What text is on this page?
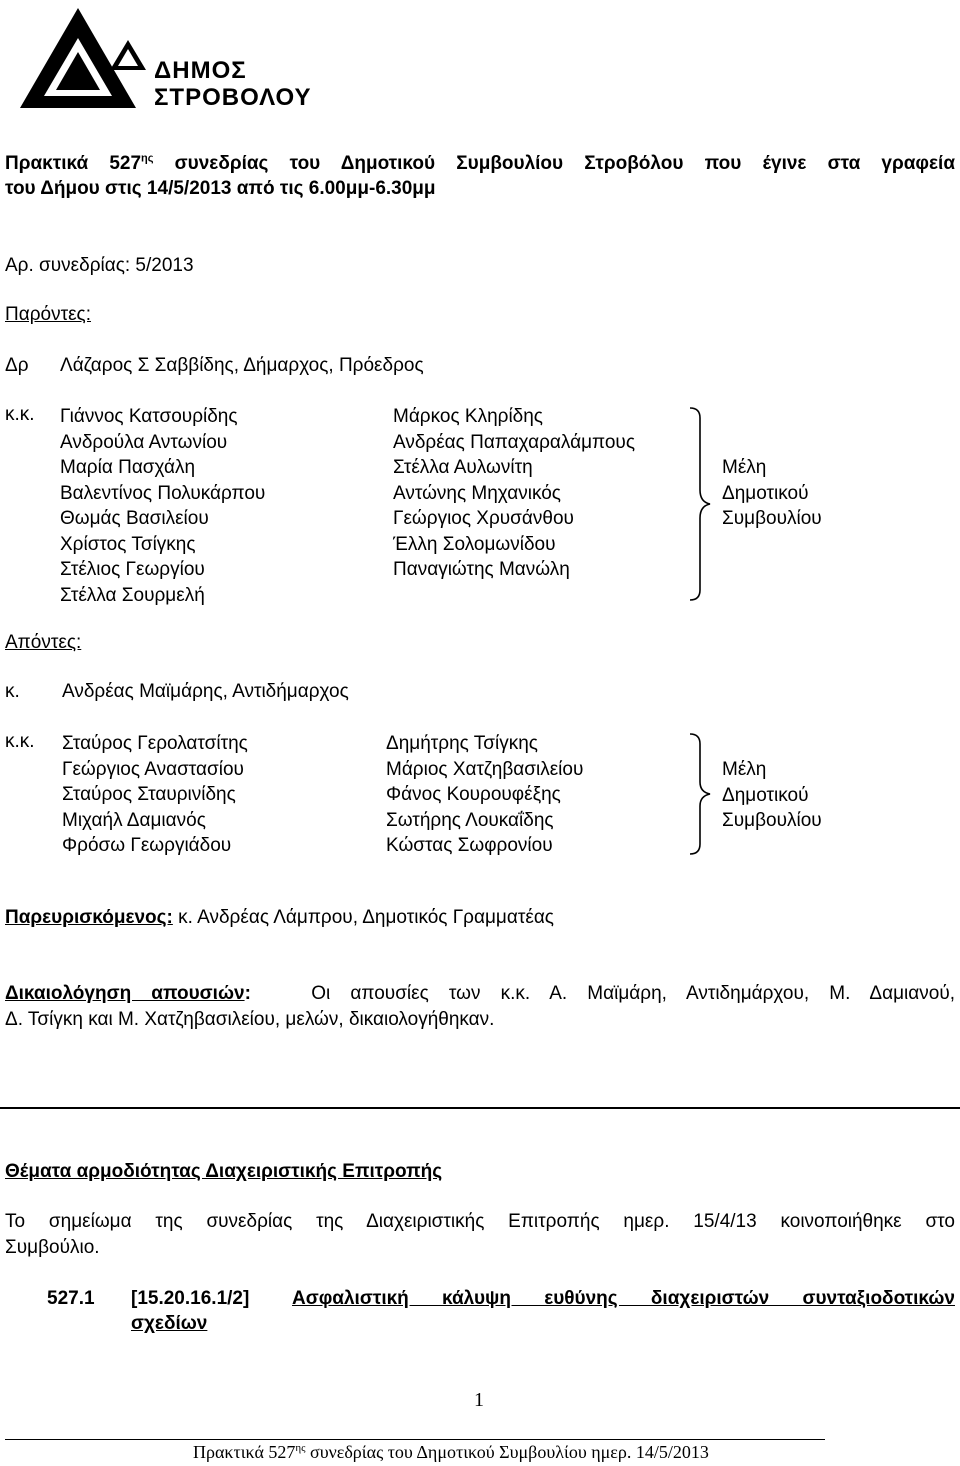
ΔΗΜΟΣ
ΣΤΡΟΒΟΛΟΥ
Πρακτικά $527^{\eta\varsigma}$ συνεδρίας του Δημοτικού Συμβουλίου Στροβόλου που έγινε στα γραφεία
του Δήμου στις 14/5/2013 από τις 6.00μμ-6.30μμ
Αρ. συνεδρίας: 5/2013
Παρόντες:
Δρ Λάζαρος Σ Σαββίδης, Δήμαρχος, Πρόεδρος
κ.κ. Γιάννος Κατσουρίδης
Ανδρούλα Αντωνίου
Μαρία Πασχάλη
Βαλεντίνος Πολυκάρπου
Θωμάς Βασιλείου
Χρίστος Τσίγκης
Στέλιος Γεωργίου
Στέλλα Σουρμελή
Μάρκος Κληρίδης
Ανδρέας Παπαχαραλάμπους
Στέλλα Αυλωνίτη
Αντώνης Μηχανικός
Γεώργιος Χρυσάνθου
Έλλη Σολομωνίδου
Παναγιώτης Μανώλη
Μέλη
Δημοτικού
Συμβουλίου
Απόντες:
κ. Ανδρέας Μαϊμάρης, Αντιδήμαρχος
κ.κ. Σταύρος Γερολατσίτης
Γεώργιος Αναστασίου
Σταύρος Σταυρινίδης
Μιχαήλ Δαμιανός
Φρόσω Γεωργιάδου
Δημήτρης Τσίγκης
Μάριος Χατζηβασιλείου
Φάνος Κουρουφέξης
Σωτήρης Λουκαΐδης
Κώστας Σωφρονίου
Μέλη
Δημοτικού
Συμβουλίου
Παρευρισκόμενος: κ. Ανδρέας Λάμπρου, Δημοτικός Γραμματέας
Δικαιολόγηση απουσιών:	Οι απουσίες των κ.κ. Α. Μαϊμάρη, Αντιδημάρχου, Μ. Δαμιανού,
Δ. Τσίγκη και Μ. Χατζηβασιλείου, μελών, δικαιολογήθηκαν.
Θέματα αρμοδιότητας Διαχειριστικής Επιτροπής
Το σημείωμα της συνεδρίας της Διαχειριστικής Επιτροπής ημερ. 15/4/13 κοινοποιήθηκε στο
Συμβούλιο.
527.1 [15.20.16.1/2] Ασφαλιστική κάλυψη ευθύνης διαχειριστών συνταξιοδοτικών
σχεδίων
1
Πρακτικά $527^{\eta\varsigma}$ συνεδρίας του Δημοτικού Συμβουλίου ημερ. 14/5/2013
